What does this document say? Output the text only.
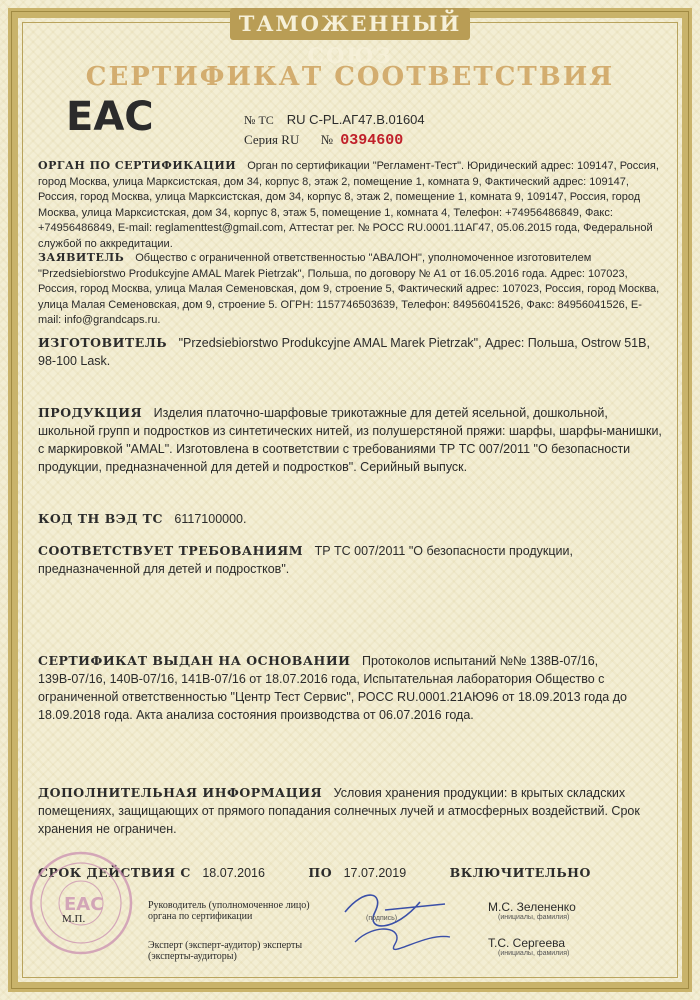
ТАМОЖЕННЫЙ СОЮЗ
СЕРТИФИКАТ СООТВЕТСТВИЯ
EAC	№ ТС RU C-PL.АГ47.В.01604
Серия RU № 0394600
ОРГАН ПО СЕРТИФИКАЦИИ Орган по сертификации "Регламент-Тест". Юридический адрес: 109147, Россия, город Москва, улица Марксистская, дом 34, корпус 8, этаж 2, помещение 1, комната 9, Фактический адрес: 109147, Россия, город Москва, улица Марксистская, дом 34, корпус 8, этаж 2, помещение 1, комната 9, 109147, Россия, город Москва, улица Марксистская, дом 34, корпус 8, этаж 5, помещение 1, комната 4, Телефон: +74956486849, Факс: +74956486849, E-mail: reglamenttest@gmail.com, Аттестат рег. № РОСС RU.0001.11АГ47, 05.06.2015 года, Федеральной службой по аккредитации.
ЗАЯВИТЕЛЬ Общество с ограниченной ответственностью "АВАЛОН", уполномоченное изготовителем "Przedsiebiorstwo Produkcyjne AMAL Marek Pietrzak", Польша, по договору № А1 от 16.05.2016 года. Адрес: 107023, Россия, город Москва, улица Малая Семеновская, дом 9, строение 5, Фактический адрес: 107023, Россия, город Москва, улица Малая Семеновская, дом 9, строение 5. ОГРН: 1157746503639, Телефон: 84956041526, Факс: 84956041526, E-mail: info@grandcaps.ru.
ИЗГОТОВИТЕЛЬ "Przedsiebiorstwo Produkcyjne AMAL Marek Pietrzak", Адрес: Польша, Ostrow 51B, 98-100 Lask.
ПРОДУКЦИЯ Изделия платочно-шарфовые трикотажные для детей ясельной, дошкольной, школьной групп и подростков из синтетических нитей, из полушерстяной пряжи: шарфы, шарфы-манишки, с маркировкой "AMAL". Изготовлена в соответствии с требованиями ТР ТС 007/2011 "О безопасности продукции, предназначенной для детей и подростков". Серийный выпуск.
КОД ТН ВЭД ТС 6117100000.
СООТВЕТСТВУЕТ ТРЕБОВАНИЯМ ТР ТС 007/2011 "О безопасности продукции, предназначенной для детей и подростков".
СЕРТИФИКАТ ВЫДАН НА ОСНОВАНИИ Протоколов испытаний №№ 138В-07/16, 139В-07/16, 140В-07/16, 141В-07/16 от 18.07.2016 года, Испытательная лаборатория Общество с ограниченной ответственностью "Центр Тест Сервис", РОСС RU.0001.21АЮ96 от 18.09.2013 года до 18.09.2018 года. Акта анализа состояния производства от 06.07.2016 года.
ДОПОЛНИТЕЛЬНАЯ ИНФОРМАЦИЯ Условия хранения продукции: в крытых складских помещениях, защищающих от прямого попадания солнечных лучей и атмосферных воздействий. Срок хранения не ограничен.
СРОК ДЕЙСТВИЯ С 18.07.2016	ПО 17.07.2019	ВКЛЮЧИТЕЛЬНО
ЕАС
М.П.
Руководитель (уполномоченное лицо) органа по сертификации	(подпись)
М.С. Зелененко
(инициалы, фамилия)
Эксперт (эксперт-аудитор) эксперты (эксперты-аудиторы)
Т.С. Сергеева
(инициалы, фамилия)
